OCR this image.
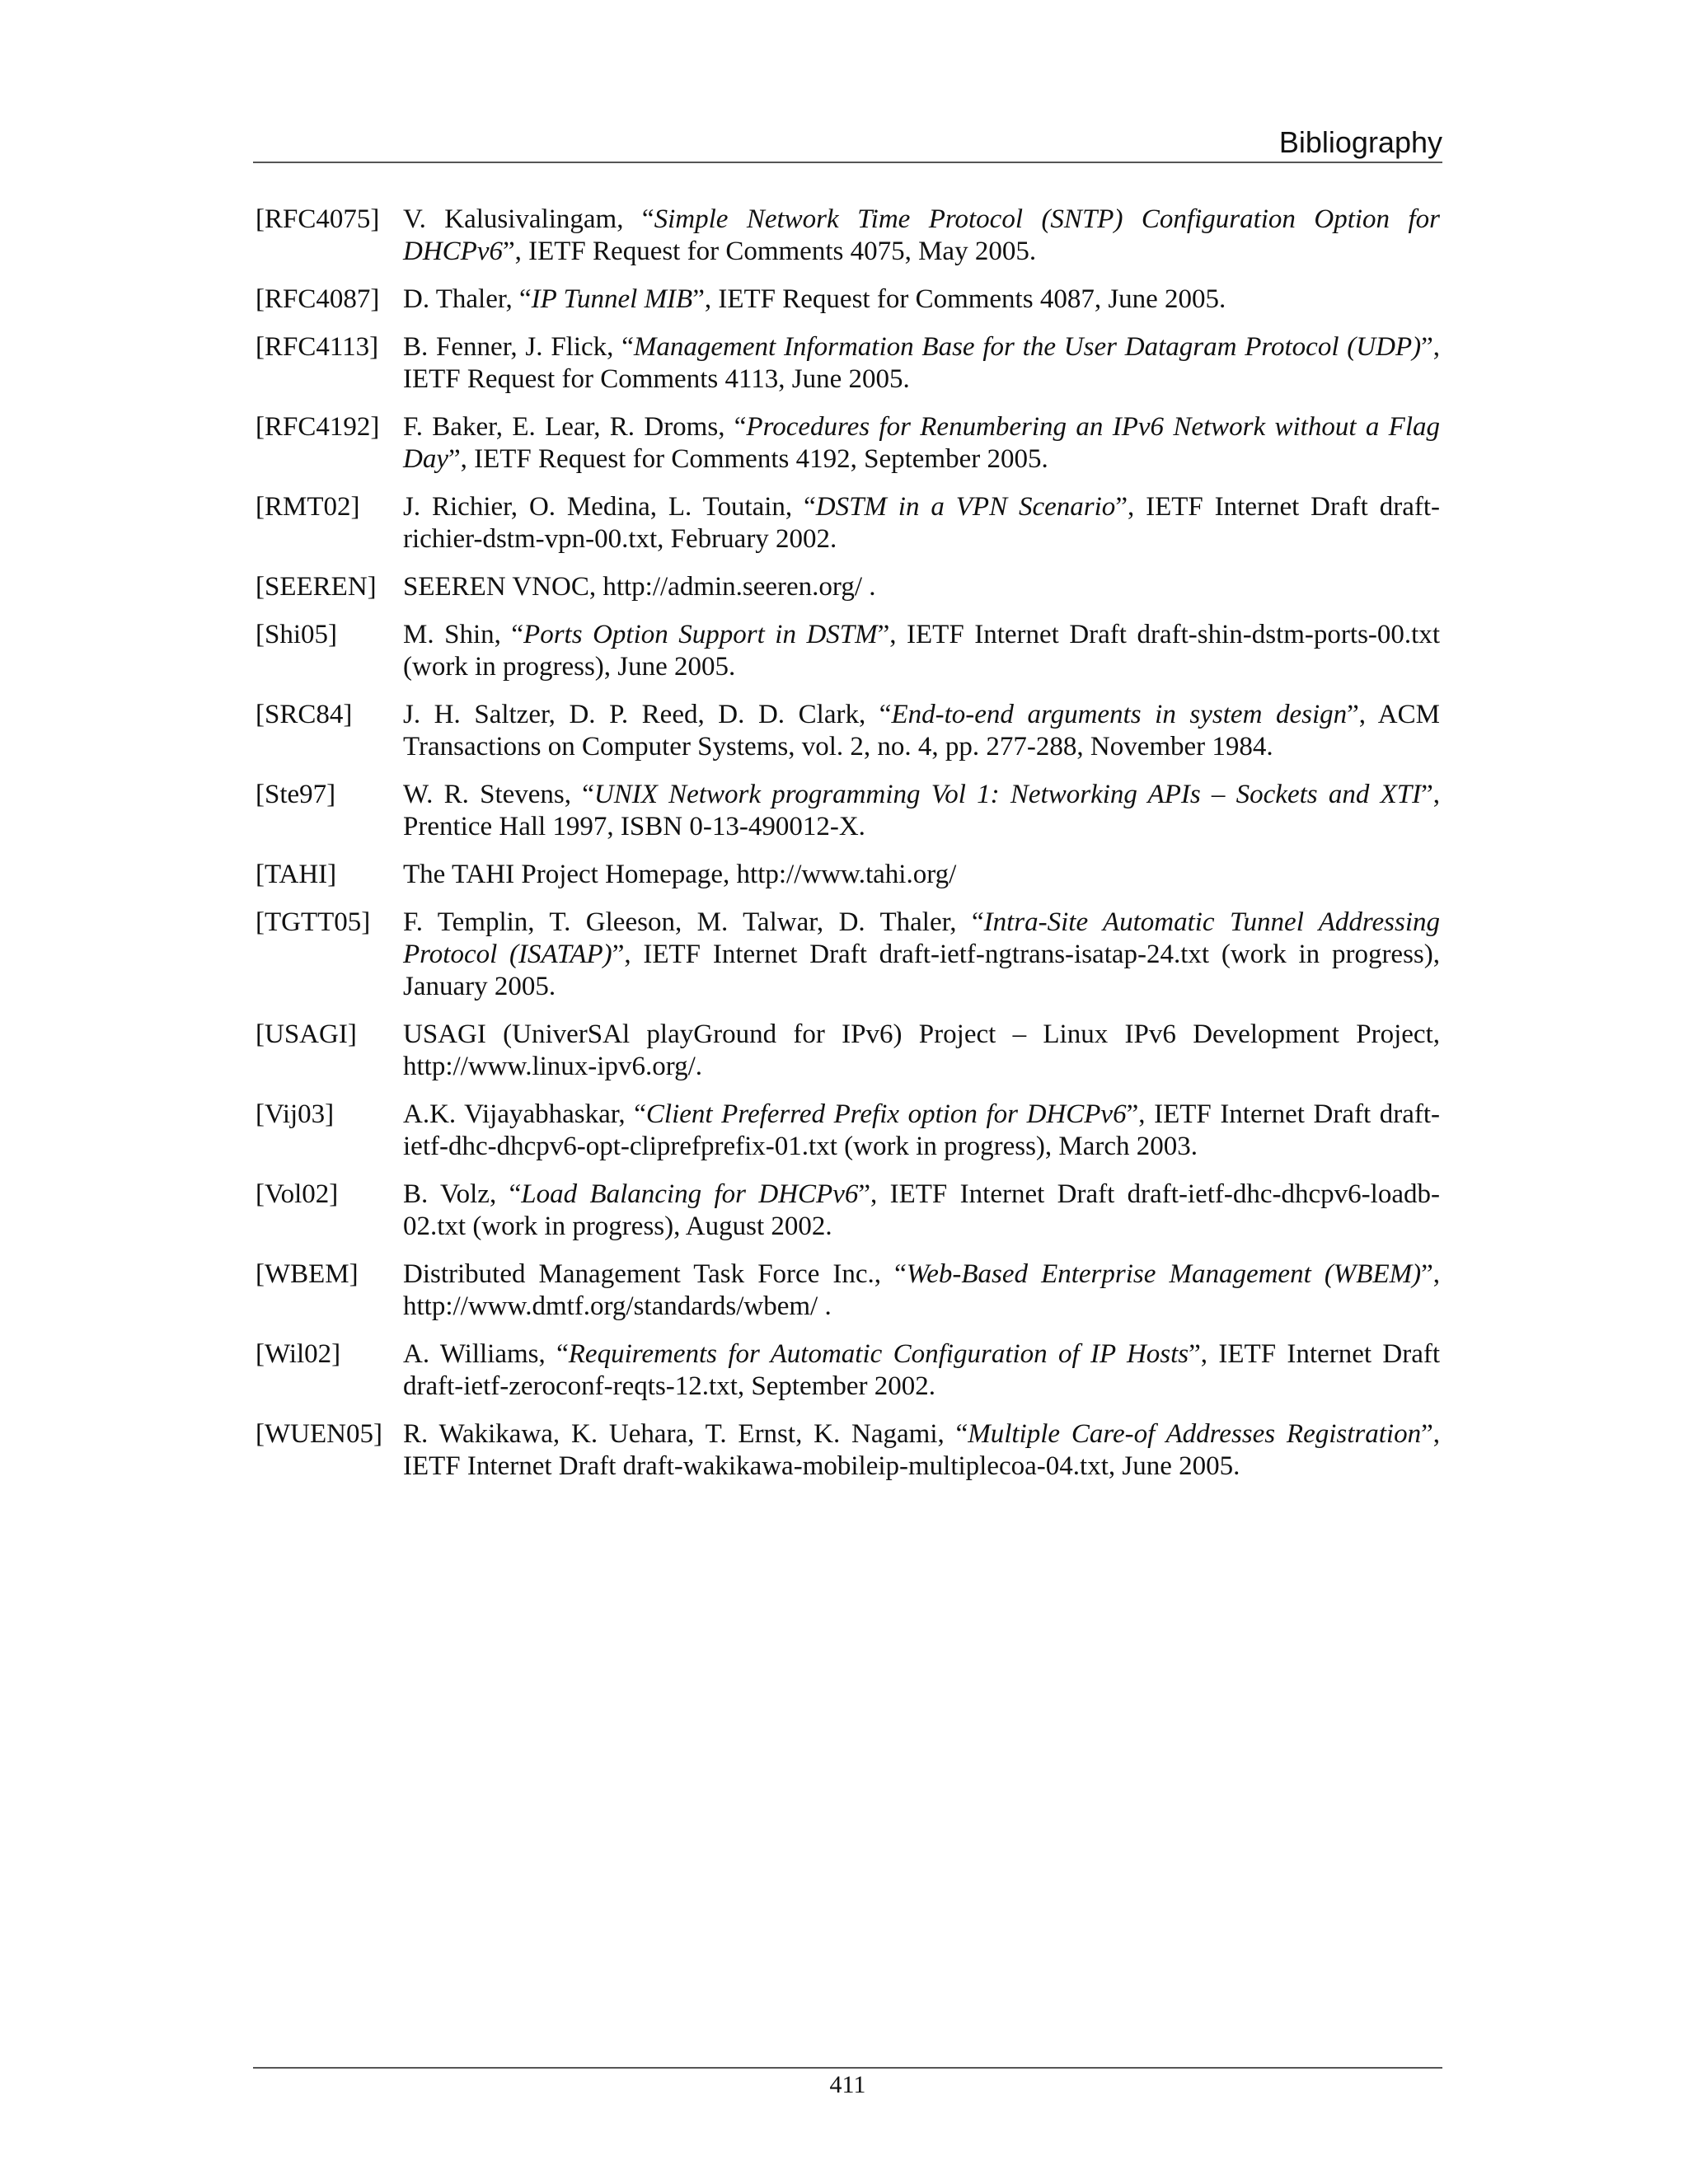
Bibliography
[RFC4075] V. Kalusivalingam, “Simple Network Time Protocol (SNTP) Configuration Option for DHCPv6”, IETF Request for Comments 4075, May 2005.
[RFC4087] D. Thaler, “IP Tunnel MIB”, IETF Request for Comments 4087, June 2005.
[RFC4113] B. Fenner, J. Flick, “Management Information Base for the User Datagram Protocol (UDP)”, IETF Request for Comments 4113, June 2005.
[RFC4192] F. Baker, E. Lear, R. Droms, “Procedures for Renumbering an IPv6 Network without a Flag Day”, IETF Request for Comments 4192, September 2005.
[RMT02]	J. Richier, O. Medina, L. Toutain, “DSTM in a VPN Scenario”, IETF Internet Draft draft-richier-dstm-vpn-00.txt, February 2002.
[SEEREN] SEEREN VNOC, http://admin.seeren.org/ .
[Shi05]	M. Shin, “Ports Option Support in DSTM”, IETF Internet Draft draft-shin-dstm-ports-00.txt (work in progress), June 2005.
[SRC84]	J. H. Saltzer, D. P. Reed, D. D. Clark, “End-to-end arguments in system design”, ACM Transactions on Computer Systems, vol. 2, no. 4, pp. 277-288, November 1984.
[Ste97]	W. R. Stevens, “UNIX Network programming Vol 1: Networking APIs – Sockets and XTI”, Prentice Hall 1997, ISBN 0-13-490012-X.
[TAHI]	The TAHI Project Homepage, http://www.tahi.org/
[TGTT05]	F. Templin, T. Gleeson, M. Talwar, D. Thaler, “Intra-Site Automatic Tunnel Addressing Protocol (ISATAP)”, IETF Internet Draft draft-ietf-ngtrans-isatap-24.txt (work in progress), January 2005.
[USAGI]	USAGI (UniverSAl playGround for IPv6) Project – Linux IPv6 Development Project, http://www.linux-ipv6.org/.
[Vij03]	A.K. Vijayabhaskar, “Client Preferred Prefix option for DHCPv6”, IETF Internet Draft draft-ietf-dhc-dhcpv6-opt-cliprefprefix-01.txt (work in progress), March 2003.
[Vol02]	B. Volz, “Load Balancing for DHCPv6”, IETF Internet Draft draft-ietf-dhc-dhcpv6-loadb-02.txt (work in progress), August 2002.
[WBEM]	Distributed Management Task Force Inc., “Web-Based Enterprise Management (WBEM)”, http://www.dmtf.org/standards/wbem/ .
[Wil02]	A. Williams, “Requirements for Automatic Configuration of IP Hosts”, IETF Internet Draft draft-ietf-zeroconf-reqts-12.txt, September 2002.
[WUEN05] R. Wakikawa, K. Uehara, T. Ernst, K. Nagami, “Multiple Care-of Addresses Registration”, IETF Internet Draft draft-wakikawa-mobileip-multiplecoa-04.txt, June 2005.
411
